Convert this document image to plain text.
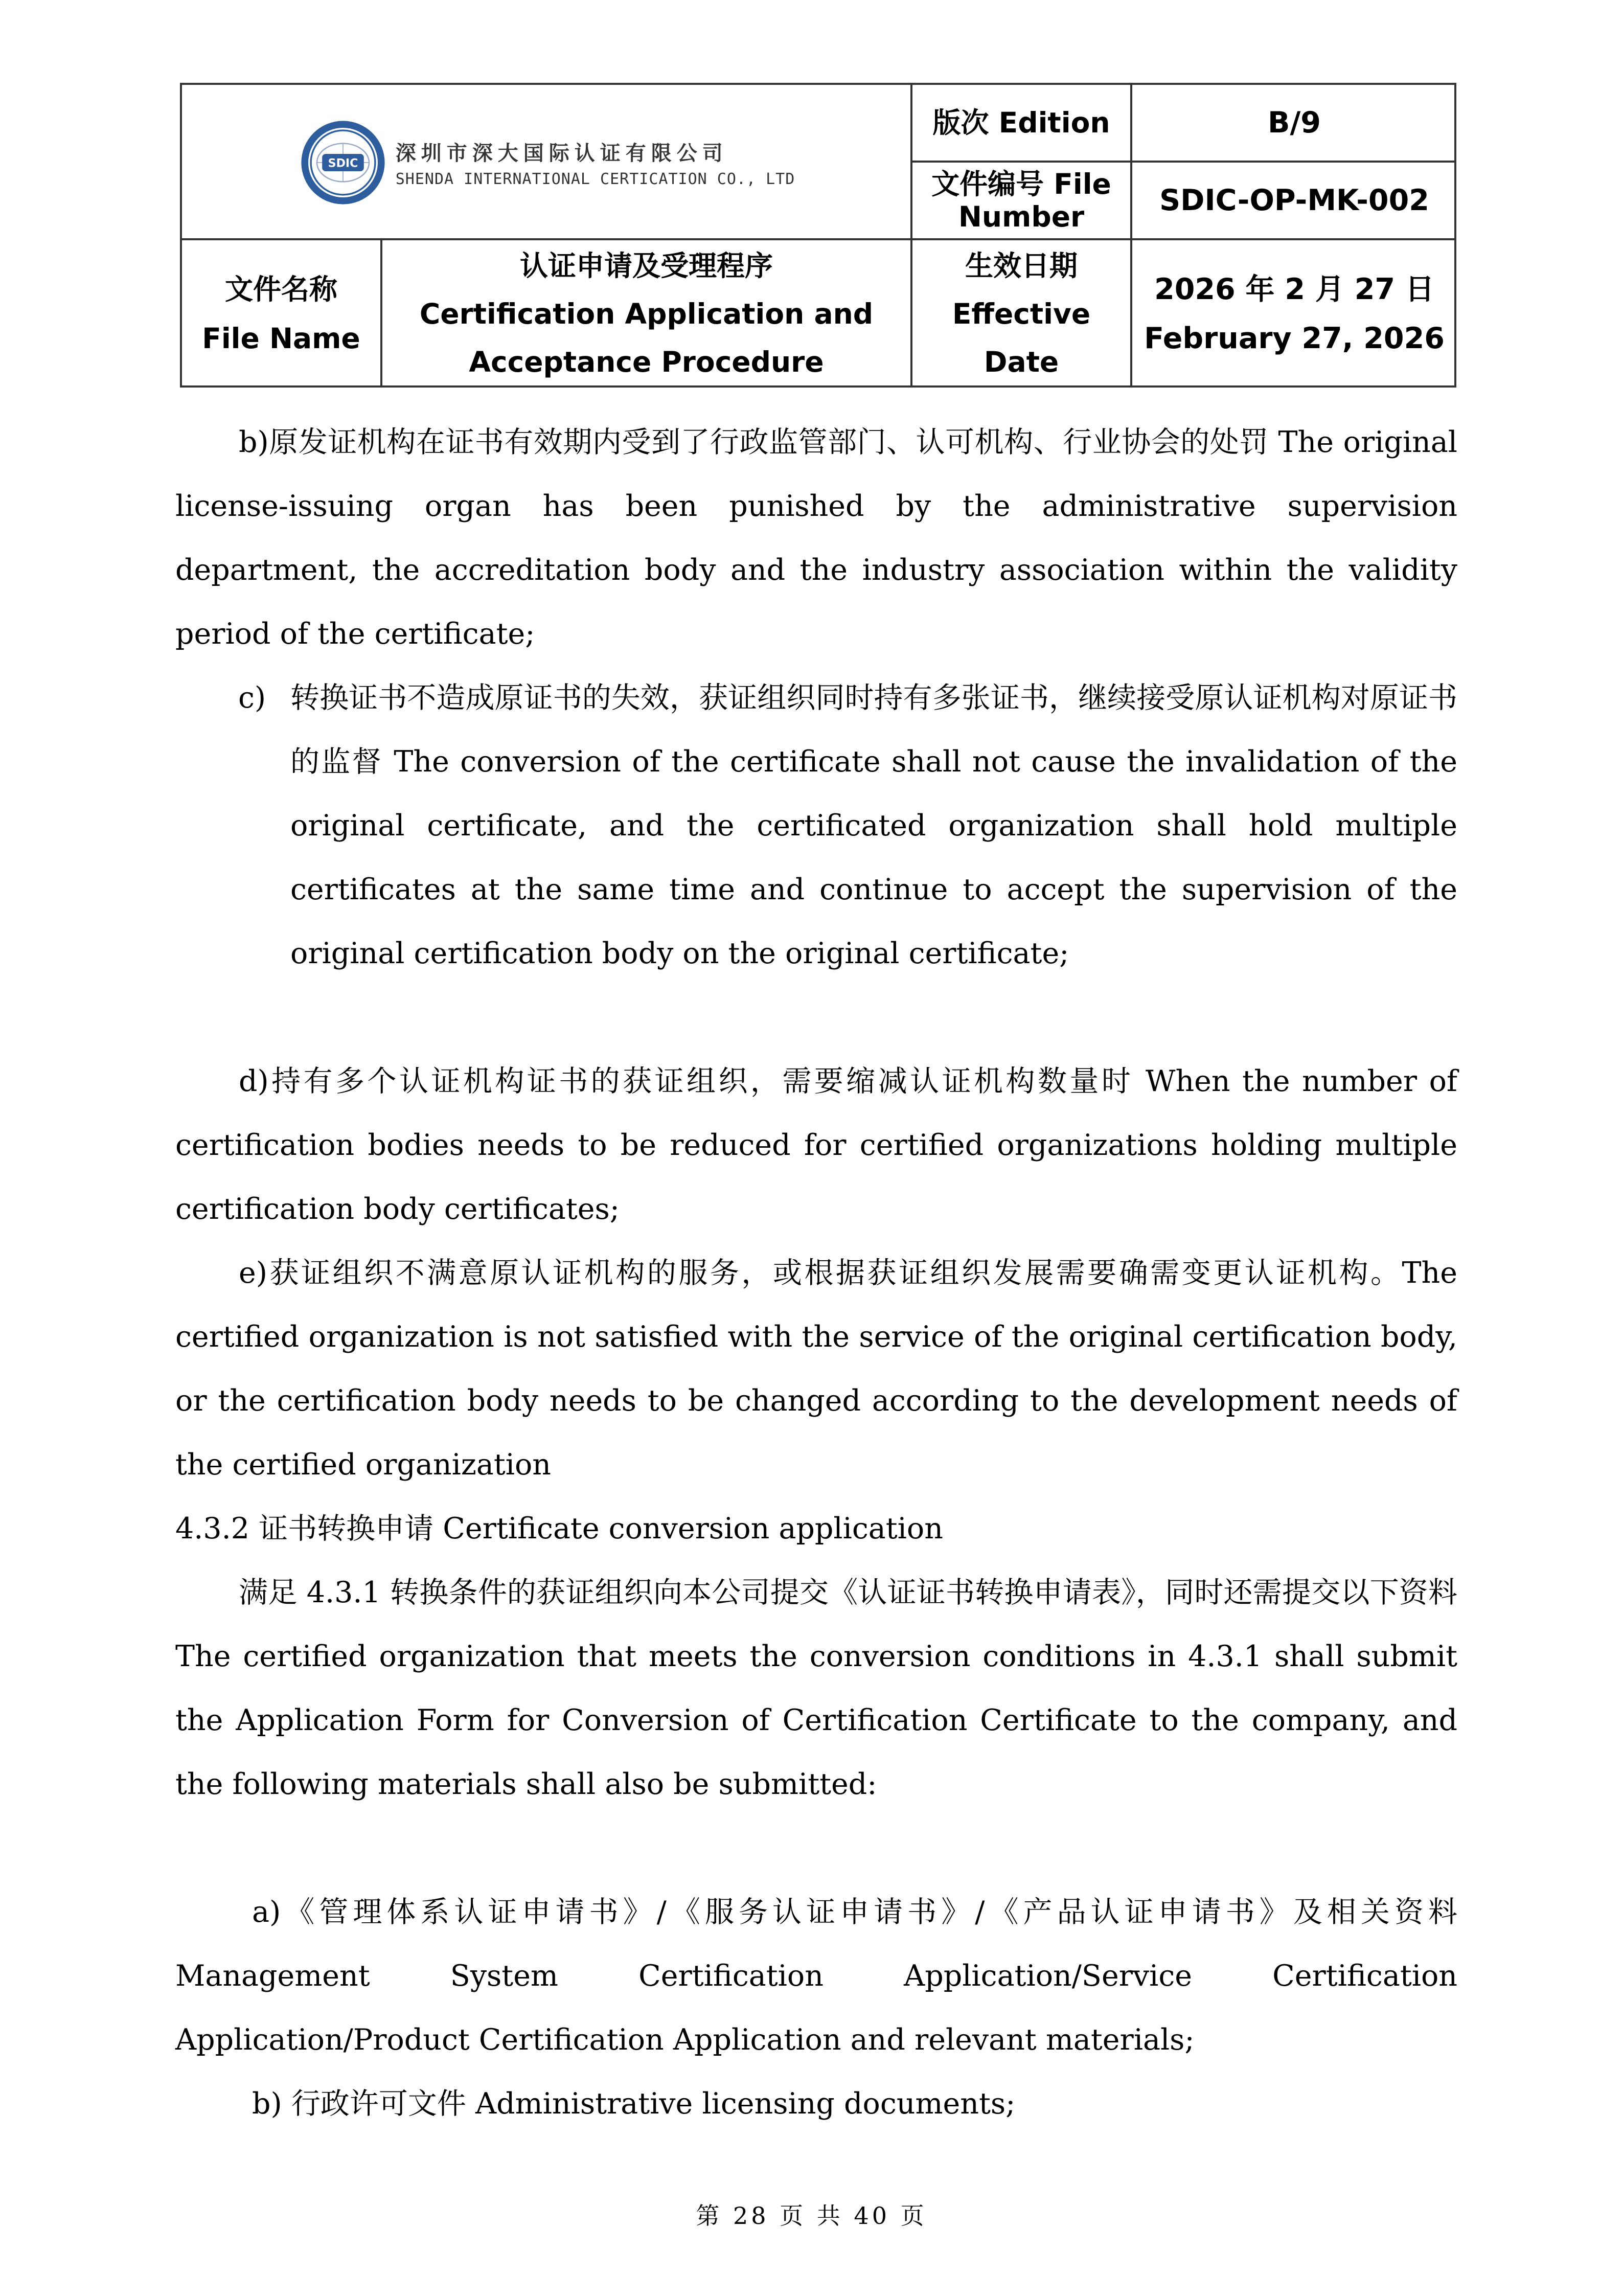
SDIC 深圳市深大国际认证有限公司
SHENDA INTERNATIONAL CERTICATION CO., LTD
版次 Edition	B/9
文件编号 File
Number	SDIC-OP-MK-002
文件名称
File Name
认证申请及受理程序
Certification Application and
Acceptance Procedure
生效日期
Effective
Date
2026 年 2 月 27 日
February 27, 2026
b)原发证机构在证书有效期内受到了行政监管部门、认可机构、行业协会的处罚 The original license-issuing organ has been punished by the administrative supervision department, the accreditation body and the industry association within the validity period of the certificate;
c) 转换证书不造成原证书的失效，获证组织同时持有多张证书，继续接受原认证机构对原证书的监督 The conversion of the certificate shall not cause the invalidation of the original certificate, and the certificated organization shall hold multiple certificates at the same time and continue to accept the supervision of the original certification body on the original certificate;
d)持有多个认证机构证书的获证组织，需要缩减认证机构数量时 When the number of certification bodies needs to be reduced for certified organizations holding multiple certification body certificates;
e)获证组织不满意原认证机构的服务，或根据获证组织发展需要确需变更认证机构。The certified organization is not satisfied with the service of the original certification body, or the certification body needs to be changed according to the development needs of the certified organization
4.3.2 证书转换申请 Certificate conversion application
满足 4.3.1 转换条件的获证组织向本公司提交《认证证书转换申请表》，同时还需提交以下资料 The certified organization that meets the conversion conditions in 4.3.1 shall submit the Application Form for Conversion of Certification Certificate to the company, and the following materials shall also be submitted:
a)《管理体系认证申请书》/《服务认证申请书》/《产品认证申请书》及相关资料 Management System Certification Application/Service Certification Application/Product Certification Application and relevant materials;
b) 行政许可文件 Administrative licensing documents;
第 28 页 共 40 页
